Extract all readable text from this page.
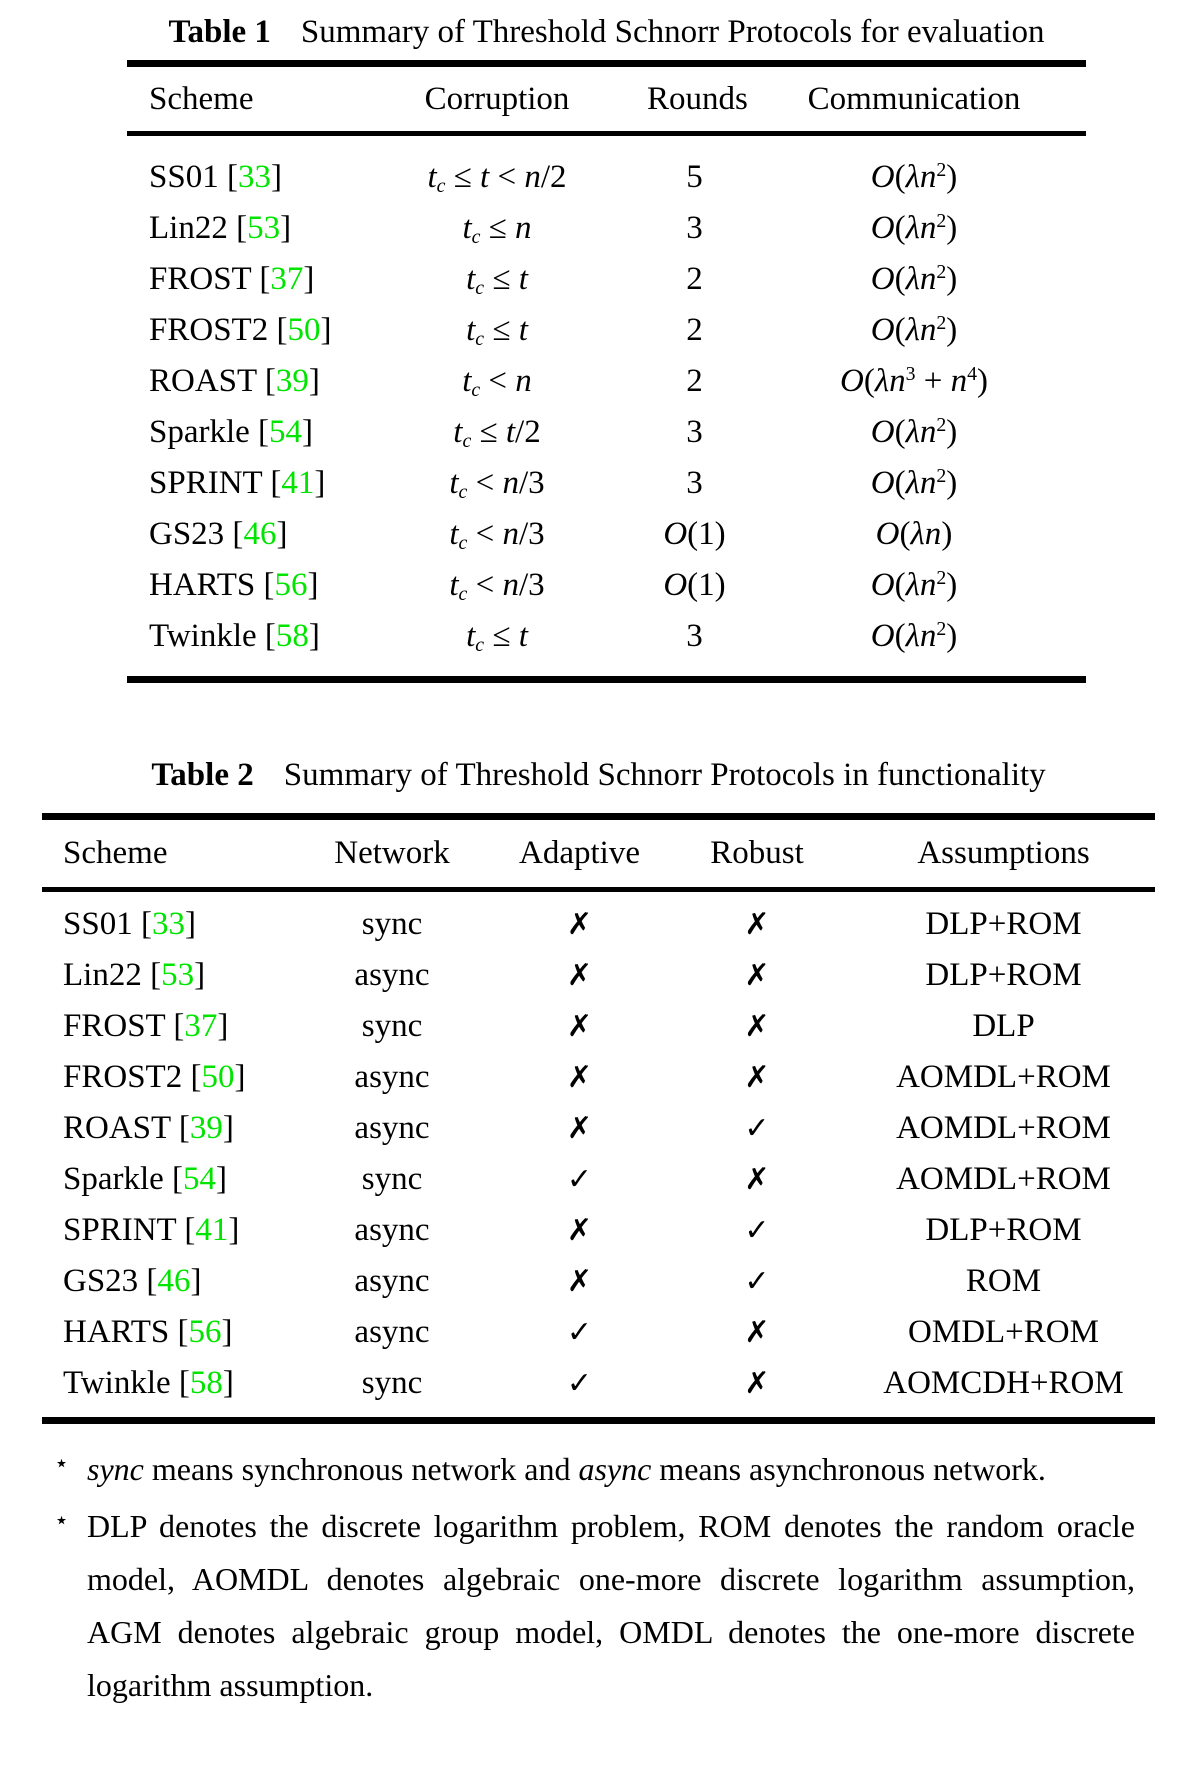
Table 1 Summary of Threshold Schnorr Protocols for evaluation
Scheme	Corruption	Rounds	Communication
SS01 [33]	$t_c \le t < n/2$	5	$O(\lambda n^2)$
Lin22 [53]	$t_c \le n$	3	$O(\lambda n^2)$
FROST [37]	$t_c \le t$	2	$O(\lambda n^2)$
FROST2 [50]	$t_c \le t$	2	$O(\lambda n^2)$
ROAST [39]	$t_c < n$	2	$O(\lambda n^3 + n^4)$
Sparkle [54]	$t_c \le t/2$	3	$O(\lambda n^2)$
SPRINT [41]	$t_c < n/3$	3	$O(\lambda n^2)$
GS23 [46]	$t_c < n/3$	O(1)	O(λn)
HARTS [56]	$t_c < n/3$	O(1)	$O(\lambda n^2)$
Twinkle [58]	$t_c \le t$	3	$O(\lambda n^2)$
Table 2 Summary of Threshold Schnorr Protocols in functionality
Scheme	Network	Adaptive	Robust	Assumptions
SS01 [33]	sync	✗	✗	DLP+ROM
Lin22 [53]	async	✗	✗	DLP+ROM
FROST [37]	sync	✗	✗	DLP
FROST2 [50]	async	✗	✗	AOMDL+ROM
ROAST [39]	async	✗	✓	AOMDL+ROM
Sparkle [54]	sync	✓	✗	AOMDL+ROM
SPRINT [41]	async	✗	✓	DLP+ROM
GS23 [46]	async	✗	✓	ROM
HARTS [56]	async	✓	✗	OMDL+ROM
Twinkle [58]	sync	✓	✗	AOMCDH+ROM
⋆ sync means synchronous network and async means asynchronous network.
⋆ DLP denotes the discrete logarithm problem, ROM denotes the random oracle model, AOMDL denotes algebraic one-more discrete logarithm assumption, AGM denotes algebraic group model, OMDL denotes the one-more discrete logarithm assumption.
